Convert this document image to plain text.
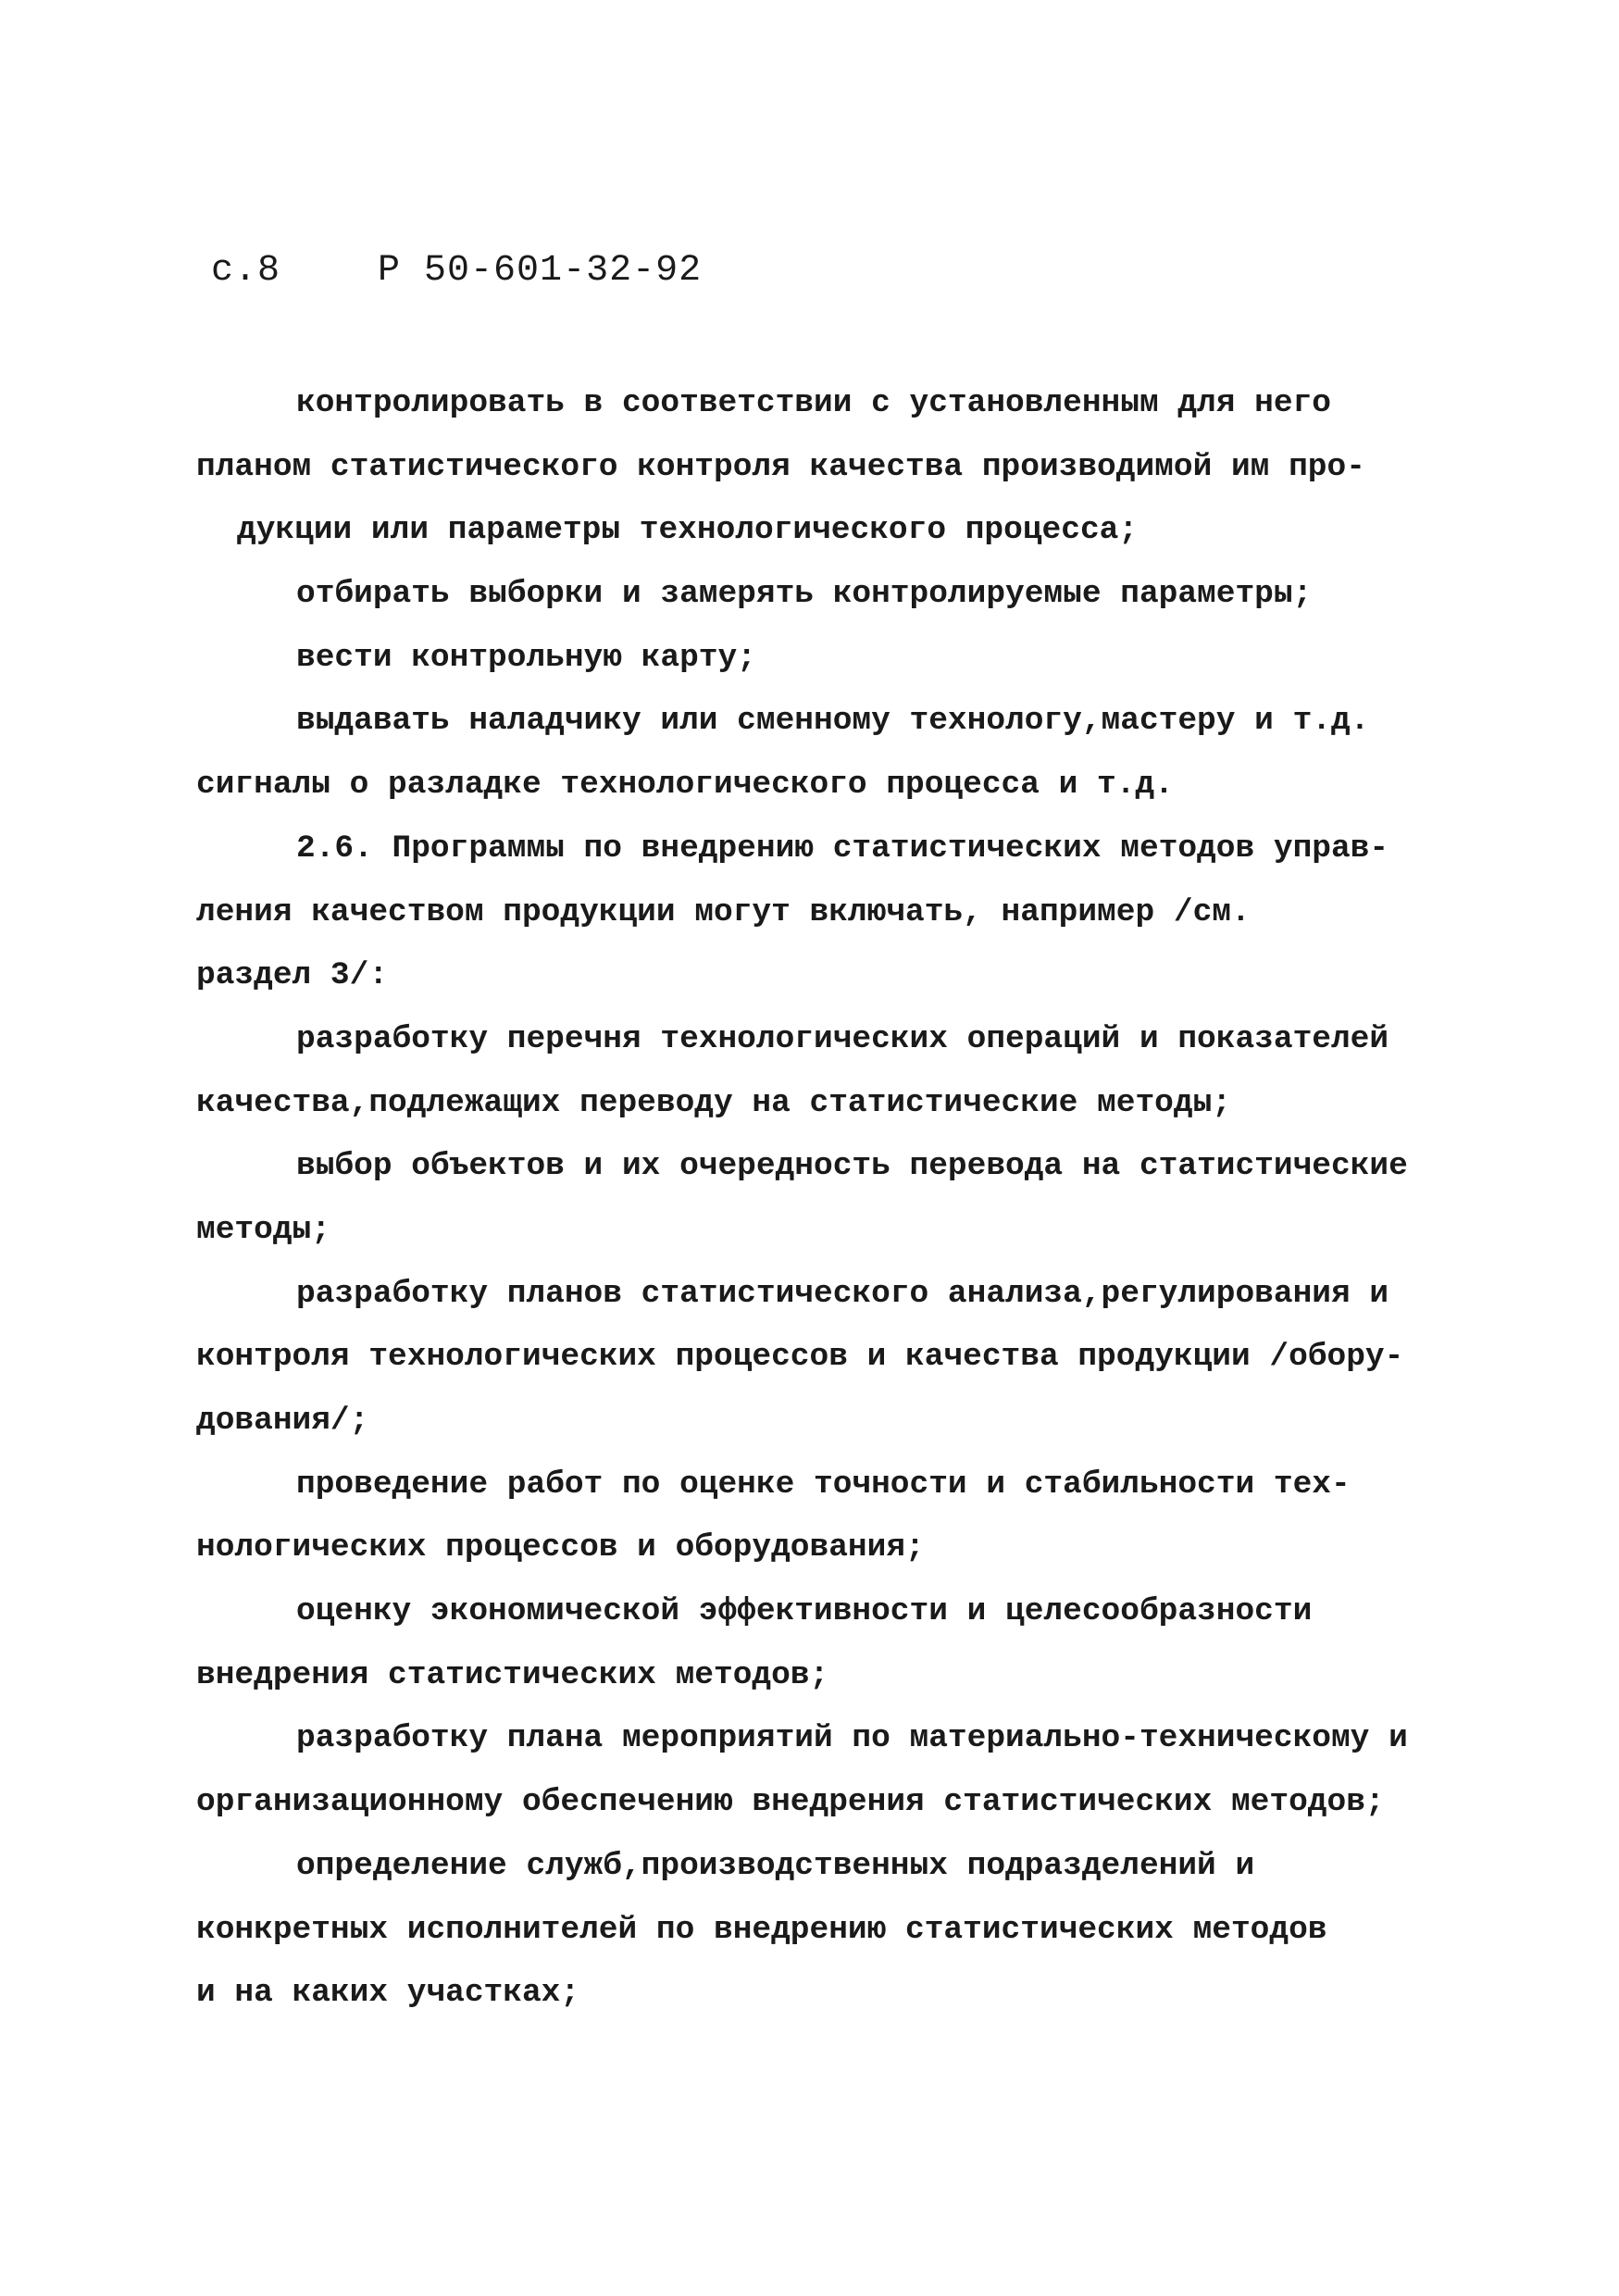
с.8	Р 50-601-32-92
контролировать в соответствии с установленным для него
планом статистического контроля качества производимой им про-
дукции или параметры технологического процесса;
отбирать выборки и замерять контролируемые параметры;
вести контрольную карту;
выдавать наладчику или сменному технологу,мастеру и т.д.
сигналы о разладке технологического процесса и т.д.
2.6. Программы по внедрению статистических методов управ-
ления качеством продукции могут включать, например /см.
раздел 3/:
разработку перечня технологических операций и показателей
качества,подлежащих переводу на статистические методы;
выбор объектов и их очередность перевода на статистические
методы;
разработку планов статистического анализа,регулирования и
контроля технологических процессов и качества продукции /обору-
дования/;
проведение работ по оценке точности и стабильности тех-
нологических процессов и оборудования;
оценку экономической эффективности и целесообразности
внедрения статистических методов;
разработку плана мероприятий по материально-техническому и
организационному обеспечению внедрения статистических методов;
определение служб,производственных подразделений и
конкретных исполнителей по внедрению статистических методов
и на каких участках;
